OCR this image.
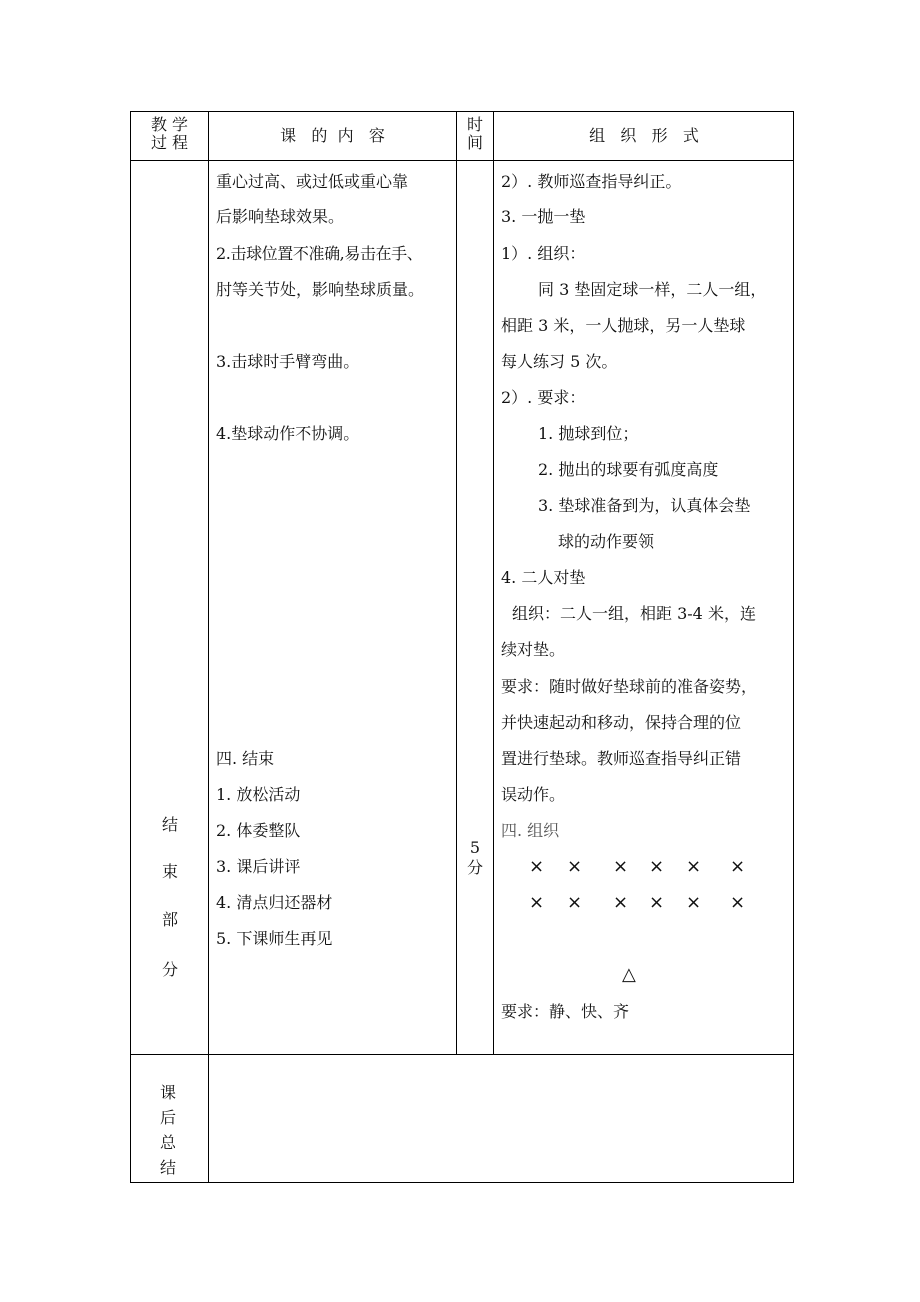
教 学
过 程	课   的  内   容
时
间	组   织   形   式
结
束
部
分
5
分
重心过高、或过低或重心靠
后影响垫球效果。
2.击球位置不准确,易击在手、
肘等关节处，影响垫球质量。
3.击球时手臂弯曲。
4.垫球动作不协调。
四. 结束
1. 放松活动
2. 体委整队
3. 课后讲评
4. 清点归还器材
5. 下课师生再见
2）. 教师巡查指导纠正。
3. 一抛一垫
1）. 组织：
同 3 垫固定球一样，二人一组，
相距 3 米，一人抛球，另一人垫球
每人练习 5 次。
2）. 要求：
1. 抛球到位；
2. 抛出的球要有弧度高度
3. 垫球准备到为，认真体会垫
球的动作要领
4. 二人对垫
组织：二人一组，相距 3-4 米，连
续对垫。
要求：随时做好垫球前的准备姿势，
并快速起动和移动，保持合理的位
置进行垫球。教师巡查指导纠正错
误动作。
四. 组织
× × × × × ×
× × × × × ×
△
要求：静、快、齐
课
后
总
结
